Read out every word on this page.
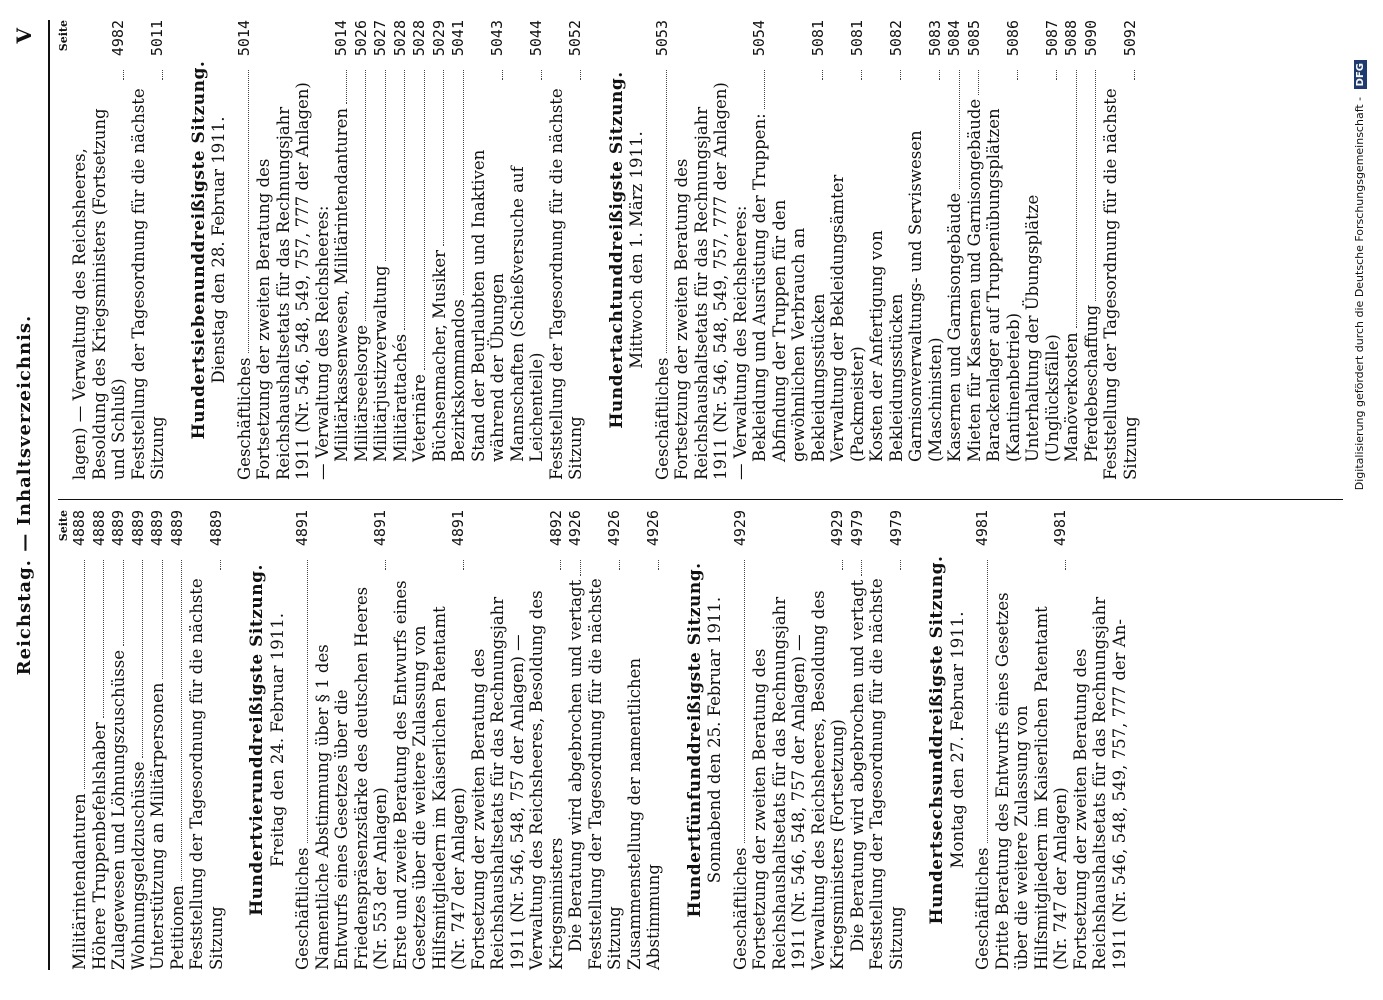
Reichstag. — Inhaltsverzeichnis.
V
Seite
Militärintendanturen
4888
Höhere Truppenbefehlshaber
4888
Zulagewesen und Löhnungszuschüsse
4889
Wohnungsgeldzuschüsse
4889
Unterstützung an Militärpersonen
4889
Petitionen
4889
Feststellung der Tagesordnung für die nächste Sitzung
4889
Hundertvierunddreißigste Sitzung. Freitag den 24. Februar 1911.
Geschäftliches
4891
Namentliche Abstimmung über § 1 des Entwurfs eines Gesetzes über die Friedenspräsenzstärke des deutschen Heeres (Nr. 553 der Anlagen)
4891
Erste und zweite Beratung des Entwurfs eines Gesetzes über die weitere Zulassung von Hilfsmitgliedern im Kaiserlichen Patentamt (Nr. 747 der Anlagen)
4891
Fortsetzung der zweiten Beratung des Reichshaushaltsetats für das Rechnungsjahr 1911 (Nr. 546, 548, 757 der Anlagen) — Verwaltung des Reichsheeres, Besoldung des Kriegsministers
4892
Die Beratung wird abgebrochen und vertagt
4926
Feststellung der Tagesordnung für die nächste Sitzung
4926
Zusammenstellung der namentlichen Abstimmung
4926
Hundertfünfunddreißigste Sitzung. Sonnabend den 25. Februar 1911.
Geschäftliches
4929
Fortsetzung der zweiten Beratung des Reichshaushaltsetats für das Rechnungsjahr 1911 (Nr. 546, 548, 757 der Anlagen) — Verwaltung des Reichsheeres, Besoldung des Kriegsministers (Fortsetzung)
4929
Die Beratung wird abgebrochen und vertagt
4979
Feststellung der Tagesordnung für die nächste Sitzung
4979
Hundertsechsunddreißigste Sitzung. Montag den 27. Februar 1911.
Geschäftliches
4981
Dritte Beratung des Entwurfs eines Gesetzes über die weitere Zulassung von Hilfsmitgliedern im Kaiserlichen Patentamt (Nr. 747 der Anlagen)
4981
Fortsetzung der zweiten Beratung des Reichshaushaltsetats für das Rechnungsjahr 1911 (Nr. 546, 548, 549, 757, 777 der An-
Seite
lagen) — Verwaltung des Reichsheeres, Besoldung des Kriegsministers (Fortsetzung und Schluß)
4982
Feststellung der Tagesordnung für die nächste Sitzung
5011
Hundertsiebenunddreißigste Sitzung. Dienstag den 28. Februar 1911.
Geschäftliches
5014
Fortsetzung der zweiten Beratung des Reichshaushaltsetats für das Rechnungsjahr 1911 (Nr. 546, 548, 549, 757, 777 der Anlagen) — Verwaltung des Reichsheeres: Militärkassenwesen, Militärintendanturen
5014
Militärseelsorge
5026
Militärjustizverwaltung
5027
Militärattachés
5028
Veterinäre
5028
Büchsenmacher, Musiker
5029
Bezirkskommandos
5041
Stand der Beurlaubten und Inaktiven während der Übungen
5043
Mannschaften (Schießversuche auf Leichenteile)
5044
Feststellung der Tagesordnung für die nächste Sitzung
5052
Hundertachtunddreißigste Sitzung. Mittwoch den 1. März 1911.
Geschäftliches
5053
Fortsetzung der zweiten Beratung des Reichshaushaltsetats für das Rechnungsjahr 1911 (Nr. 546, 548, 549, 757, 777 der Anlagen) — Verwaltung des Reichsheeres: Bekleidung und Ausrüstung der Truppen:
5054
Abfindung der Truppen für den gewöhnlichen Verbrauch an Bekleidungsstücken
5081
Verwaltung der Bekleidungsämter (Packmeister)
5081
Kosten der Anfertigung von Bekleidungsstücken
5082
Garnisonverwaltungs- und Serviswesen (Maschinisten)
5083
Kasernen und Garnisongebäude
5084
Mieten für Kasernen und Garnisongebäude
5085
Barackenlager auf Truppenübungsplätzen (Kantinenbetrieb)
5086
Unterhaltung der Übungsplätze (Unglücksfälle)
5087
Manöverkosten
5088
Pferdebeschaffung
5090
Feststellung der Tagesordnung für die nächste Sitzung
5092
Digitalisierung gefördert durch die Deutsche Forschungsgemeinschaft - DFG
